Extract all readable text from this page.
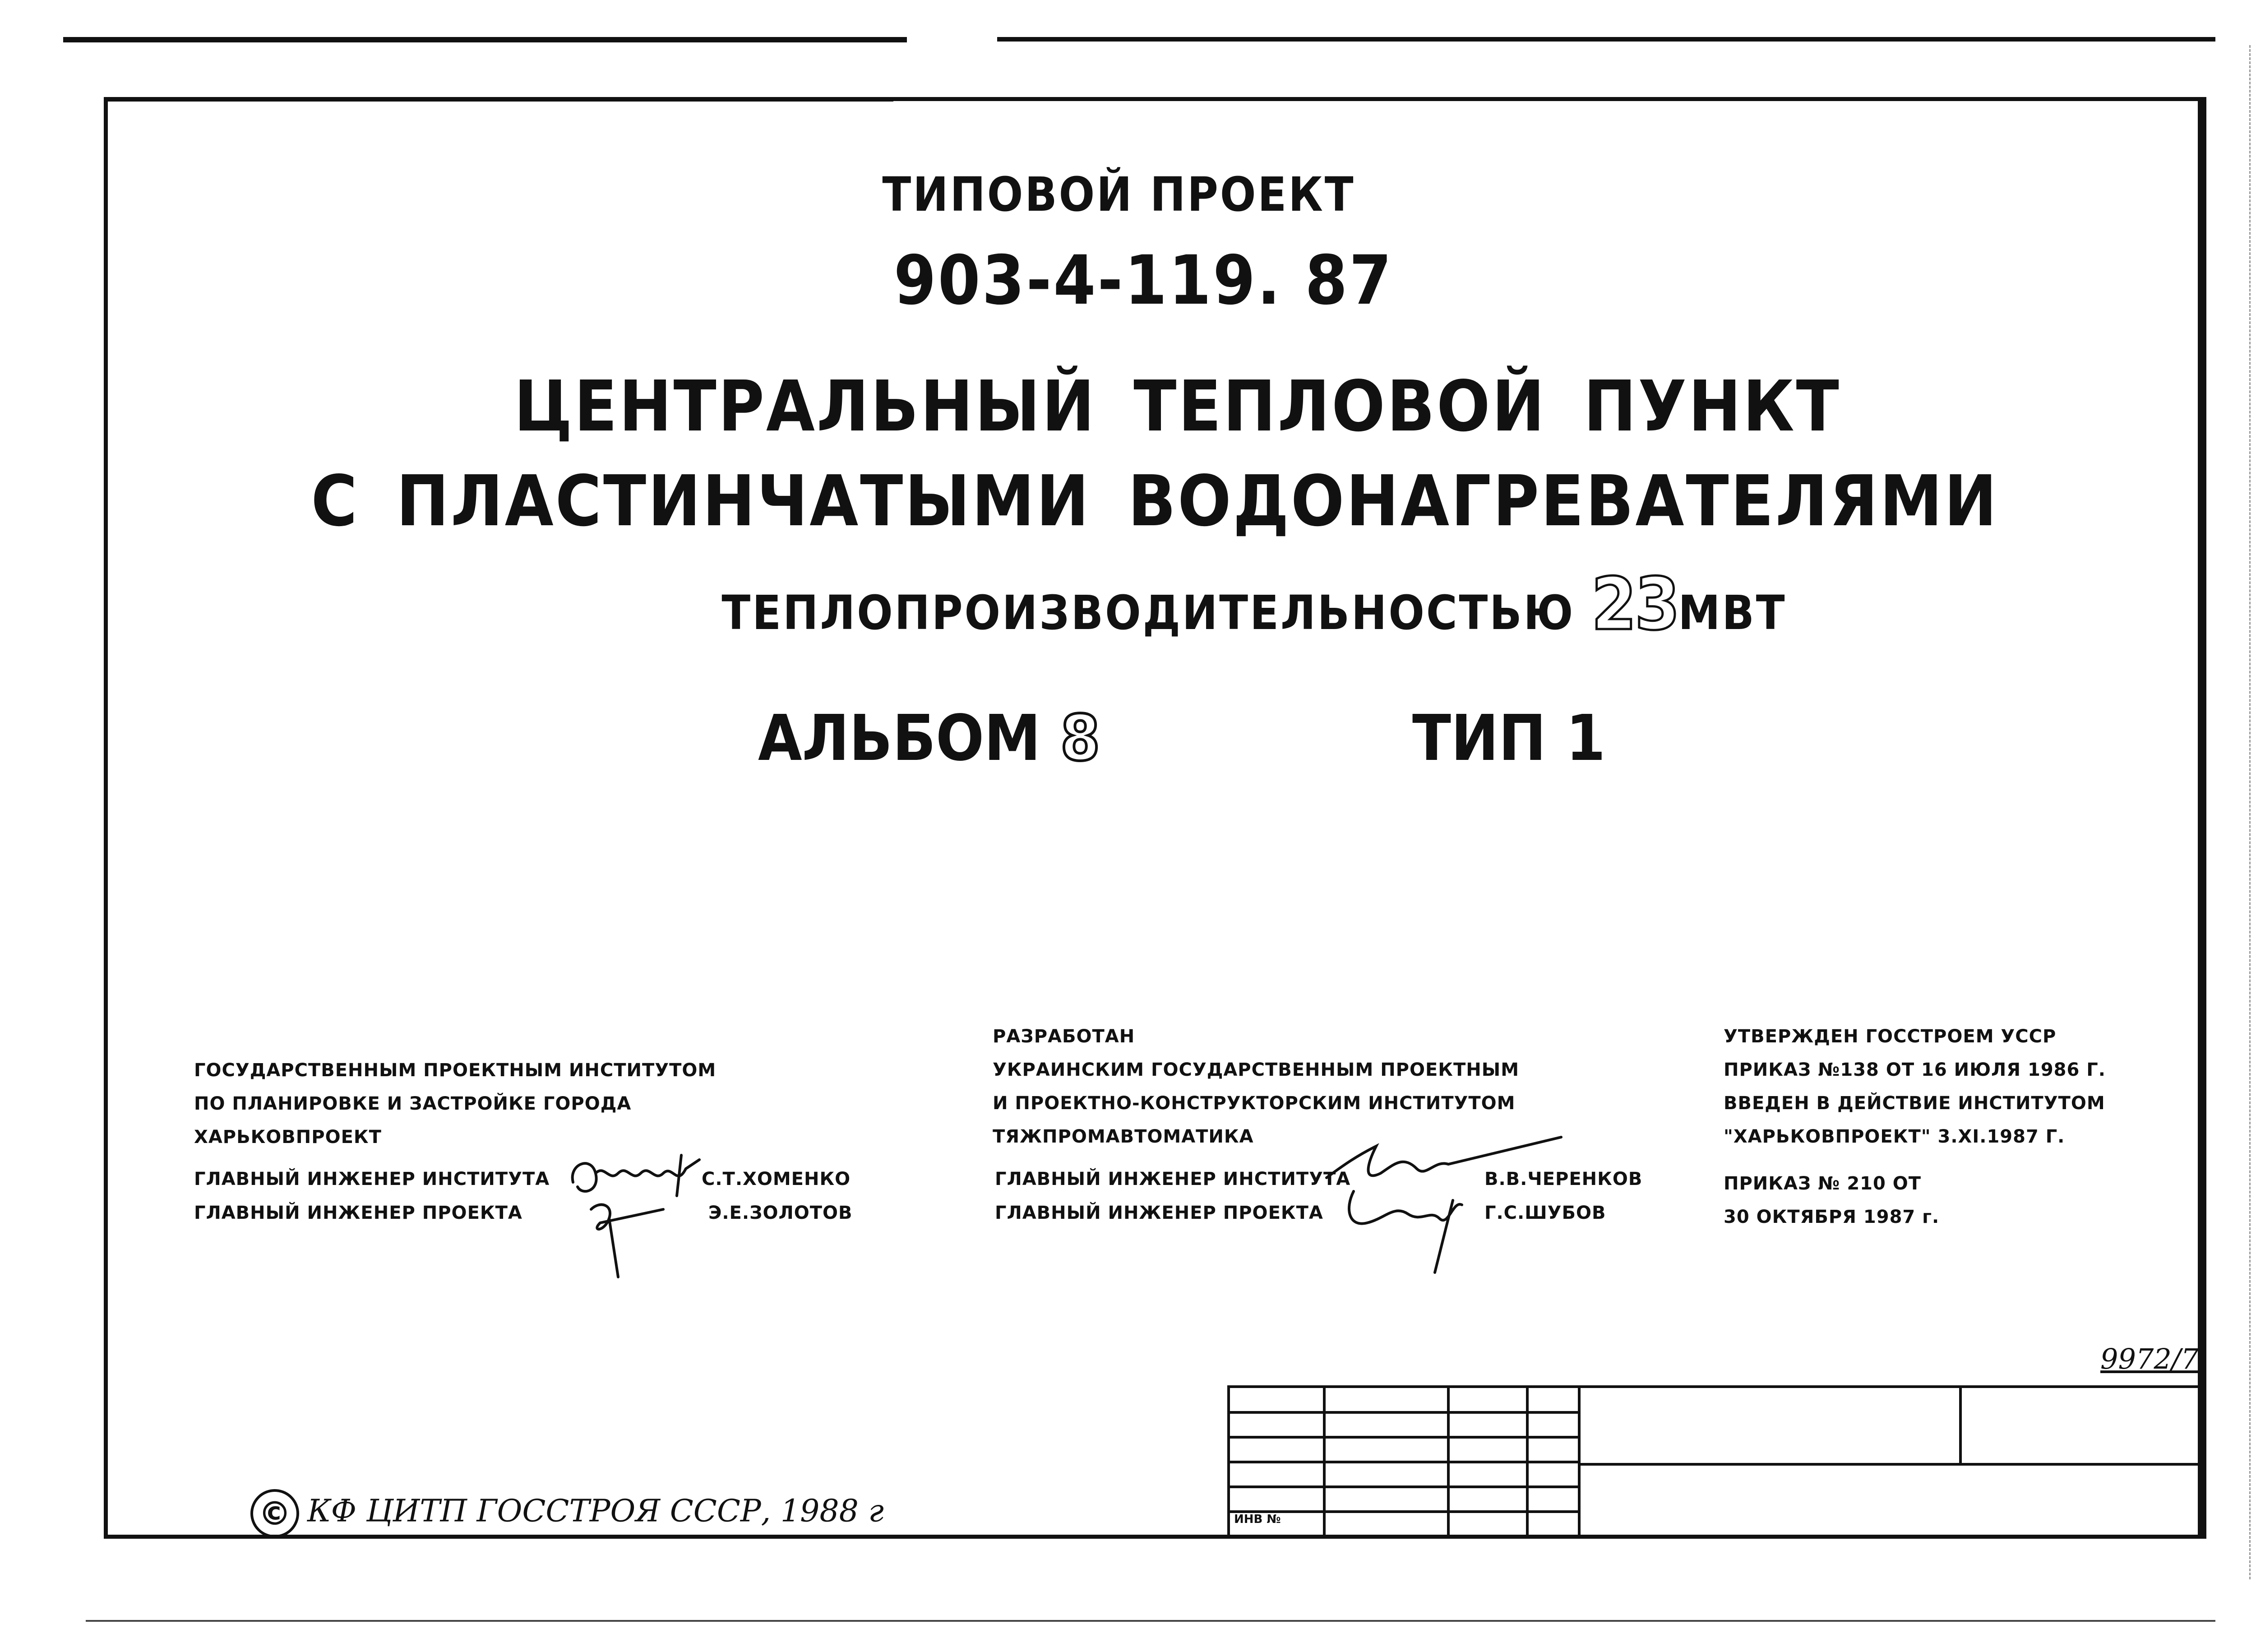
ТИПОВОЙ ПРОЕКТ
903-4-119. 87
ЦЕНТРАЛЬНЫЙ ТЕПЛОВОЙ ПУНКТ
С ПЛАСТИНЧАТЫМИ ВОДОНАГРЕВАТЕЛЯМИ
ТЕПЛОПРОИЗВОДИТЕЛЬНОСТЬЮ 23МВТ
АЛЬБОМ 8	ТИП 1
ГОСУДАРСТВЕННЫМ ПРОЕКТНЫМ ИНСТИТУТОМ
ПО ПЛАНИРОВКЕ И ЗАСТРОЙКЕ ГОРОДА
ХАРЬКОВПРОЕКТ
ГЛАВНЫЙ ИНЖЕНЕР ИНСТИТУТА	С.Т.ХОМЕНКО
ГЛАВНЫЙ ИНЖЕНЕР ПРОЕКТА	Э.Е.ЗОЛОТОВ
РАЗРАБОТАН
УКРАИНСКИМ ГОСУДАРСТВЕННЫМ ПРОЕКТНЫМ
И ПРОЕКТНО-КОНСТРУКТОРСКИМ ИНСТИТУТОМ
ТЯЖПРОМАВТОМАТИКА
ГЛАВНЫЙ ИНЖЕНЕР ИНСТИТУТА	В.В.ЧЕРЕНКОВ
ГЛАВНЫЙ ИНЖЕНЕР ПРОЕКТА	Г.С.ШУБОВ
УТВЕРЖДЕН ГОССТРОЕМ УССР
ПРИКАЗ №138 ОТ 16 ИЮЛЯ 1986 Г.
ВВЕДЕН В ДЕЙСТВИЕ ИНСТИТУТОМ
"ХАРЬКОВПРОЕКТ" 3.XI.1987 Г.
ПРИКАЗ № 210 ОТ
30 ОКТЯБРЯ 1987 г.
9972/7
ИНВ №
© КФ ЦИТП ГОССТРОЯ СССР, 1988 г
